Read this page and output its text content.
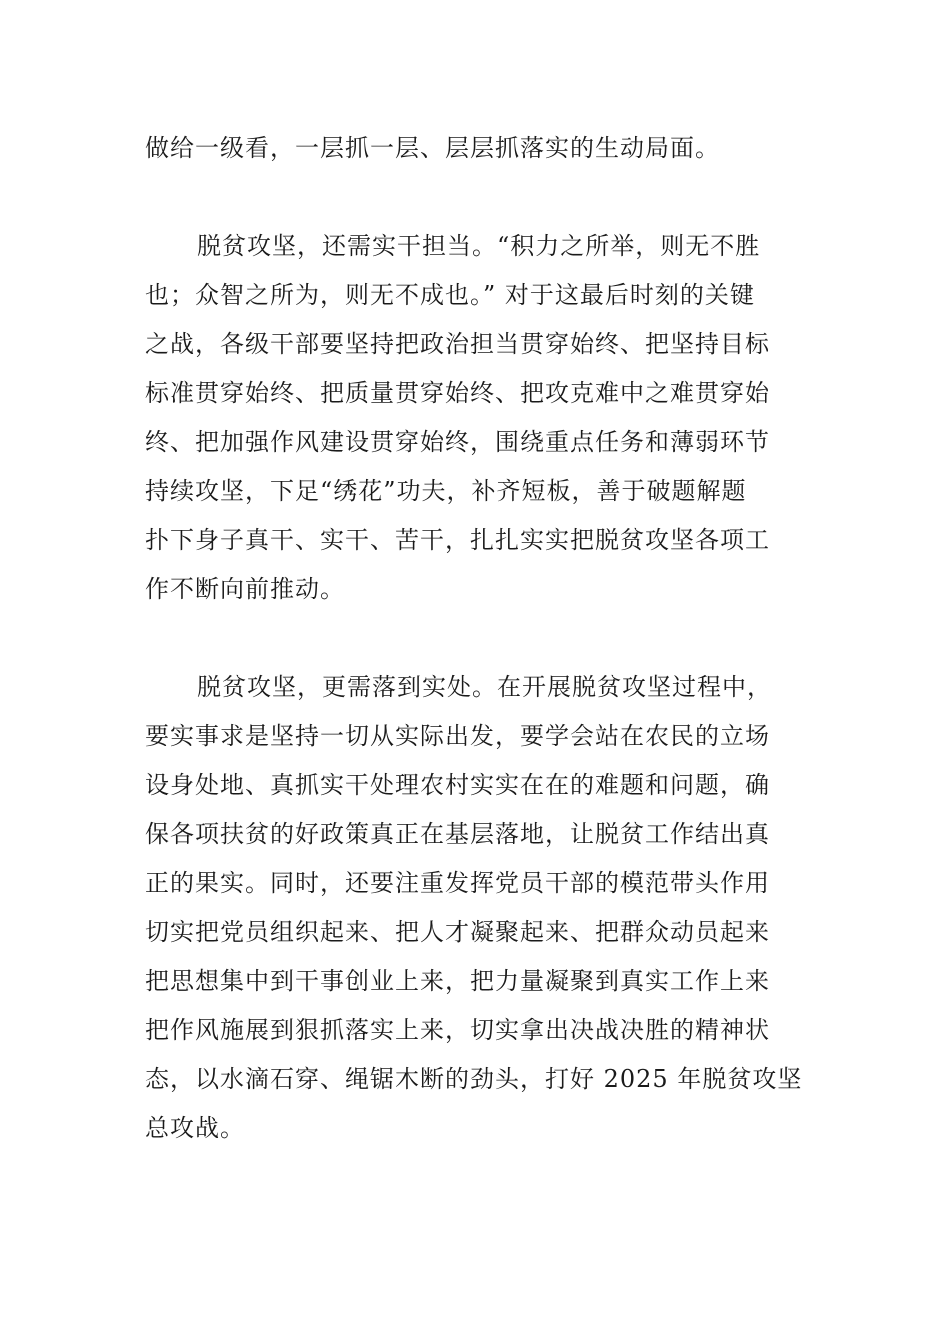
做给一级看，一层抓一层、层层抓落实的生动局面。
脱贫攻坚，还需实干担当。“积力之所举，则无不胜
也；众智之所为，则无不成也。” 对于这最后时刻的关键
之战，各级干部要坚持把政治担当贯穿始终、把坚持目标
标准贯穿始终、把质量贯穿始终、把攻克难中之难贯穿始
终、把加强作风建设贯穿始终，围绕重点任务和薄弱环节
持续攻坚，下足“绣花”功夫，补齐短板，善于破题解题
扑下身子真干、实干、苦干，扎扎实实把脱贫攻坚各项工
作不断向前推动。
脱贫攻坚，更需落到实处。在开展脱贫攻坚过程中，
要实事求是坚持一切从实际出发，要学会站在农民的立场
设身处地、真抓实干处理农村实实在在的难题和问题，确
保各项扶贫的好政策真正在基层落地，让脱贫工作结出真
正的果实。同时，还要注重发挥党员干部的模范带头作用
切实把党员组织起来、把人才凝聚起来、把群众动员起来
把思想集中到干事创业上来，把力量凝聚到真实工作上来
把作风施展到狠抓落实上来，切实拿出决战决胜的精神状
态，以水滴石穿、绳锯木断的劲头，打好 2025 年脱贫攻坚
总攻战。
